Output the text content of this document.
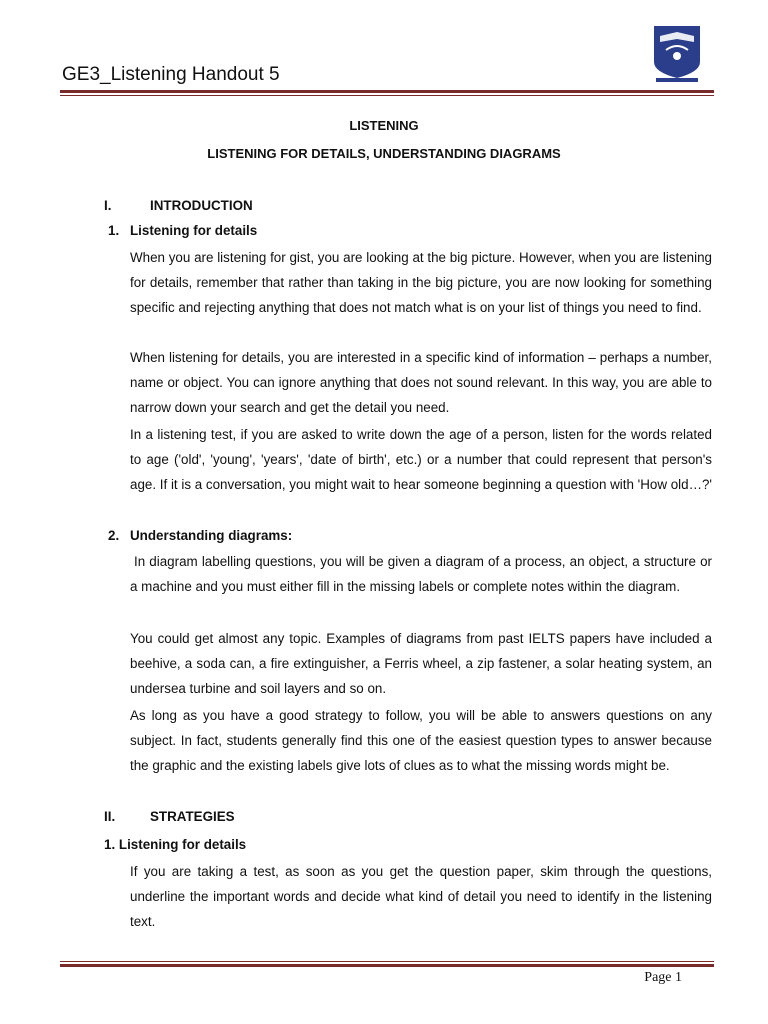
GE3_Listening Handout 5
LISTENING
LISTENING FOR DETAILS, UNDERSTANDING DIAGRAMS
I.	INTRODUCTION
1. Listening for details
When you are listening for gist, you are looking at the big picture. However, when you are listening for details, remember that rather than taking in the big picture, you are now looking for something specific and rejecting anything that does not match what is on your list of things you need to find.
When listening for details, you are interested in a specific kind of information – perhaps a number, name or object. You can ignore anything that does not sound relevant. In this way, you are able to narrow down your search and get the detail you need.
In a listening test, if you are asked to write down the age of a person, listen for the words related to age ('old', 'young', 'years', 'date of birth', etc.) or a number that could represent that person's age. If it is a conversation, you might wait to hear someone beginning a question with 'How old…?'
2. Understanding diagrams:
In diagram labelling questions, you will be given a diagram of a process, an object, a structure or a machine and you must either fill in the missing labels or complete notes within the diagram.
You could get almost any topic. Examples of diagrams from past IELTS papers have included a beehive, a soda can, a fire extinguisher, a Ferris wheel, a zip fastener, a solar heating system, an undersea turbine and soil layers and so on.
As long as you have a good strategy to follow, you will be able to answers questions on any subject. In fact, students generally find this one of the easiest question types to answer because the graphic and the existing labels give lots of clues as to what the missing words might be.
II.	STRATEGIES
1. Listening for details
If you are taking a test, as soon as you get the question paper, skim through the questions, underline the important words and decide what kind of detail you need to identify in the listening text.
Page 1
